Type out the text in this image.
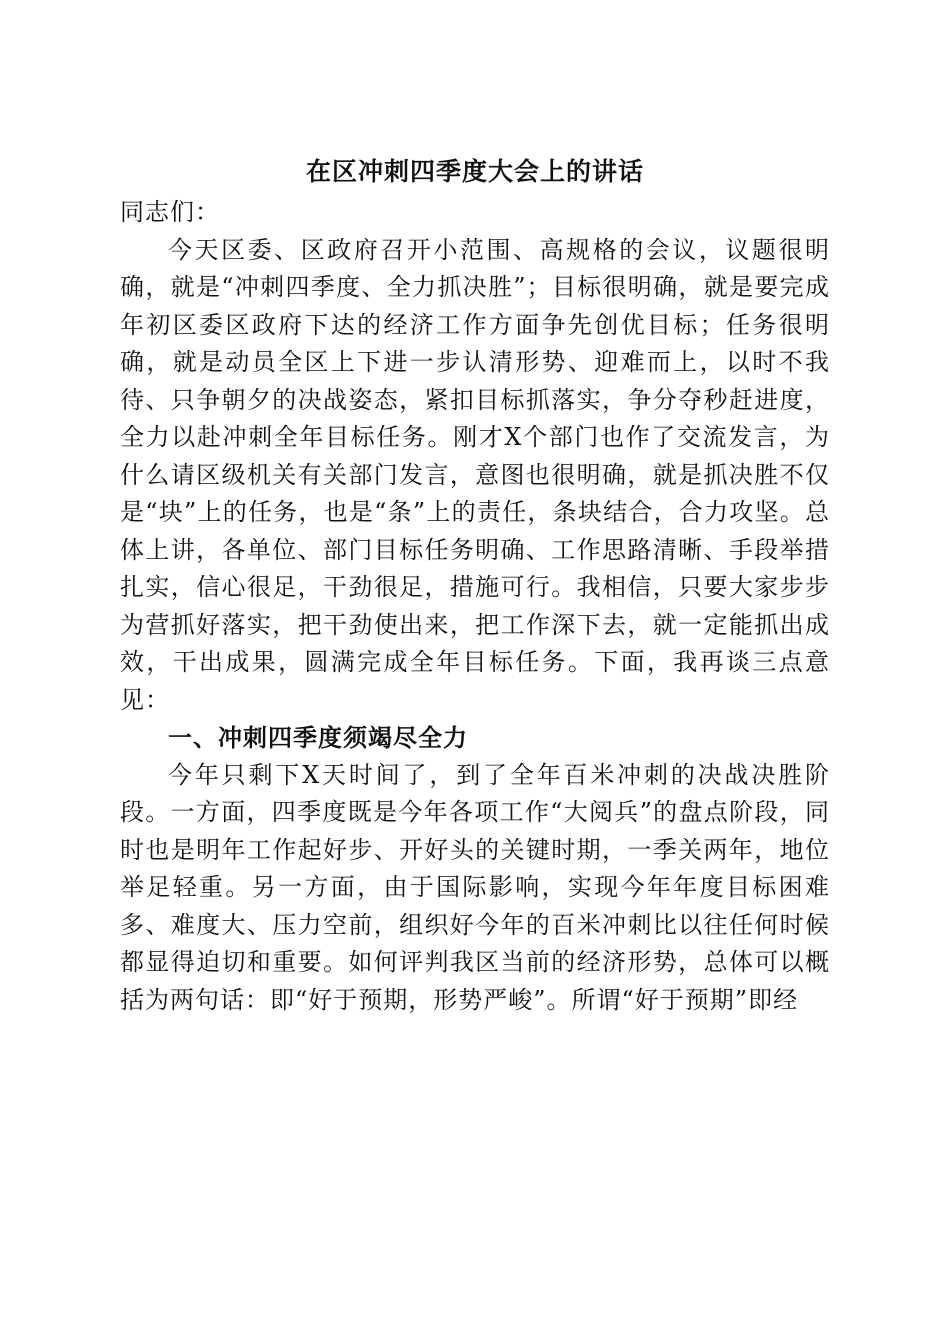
在区冲刺四季度大会上的讲话

同志们：

今天区委、区政府召开小范围、高规格的会议，议题很明确，就是“冲刺四季度、全力抓决胜”；目标很明确，就是要完成年初区委区政府下达的经济工作方面争先创优目标；任务很明确，就是动员全区上下进一步认清形势、迎难而上，以时不我待、只争朝夕的决战姿态，紧扣目标抓落实，争分夺秒赶进度，全力以赴冲刺全年目标任务。刚才X个部门也作了交流发言，为什么请区级机关有关部门发言，意图也很明确，就是抓决胜不仅是“块”上的任务，也是“条”上的责任，条块结合，合力攻坚。总体上讲，各单位、部门目标任务明确、工作思路清晰、手段举措扎实，信心很足，干劲很足，措施可行。我相信，只要大家步步为营抓好落实，把干劲使出来，把工作深下去，就一定能抓出成效，干出成果，圆满完成全年目标任务。下面，我再谈三点意见：

一、冲刺四季度须竭尽全力

今年只剩下X天时间了，到了全年百米冲刺的决战决胜阶段。一方面，四季度既是今年各项工作“大阅兵”的盘点阶段，同时也是明年工作起好步、开好头的关键时期，一季关两年，地位举足轻重。另一方面，由于国际影响，实现今年年度目标困难多、难度大、压力空前，组织好今年的百米冲刺比以往任何时候都显得迫切和重要。如何评判我区当前的经济形势，总体可以概括为两句话：即“好于预期，形势严峻”。所谓“好于预期”即经
